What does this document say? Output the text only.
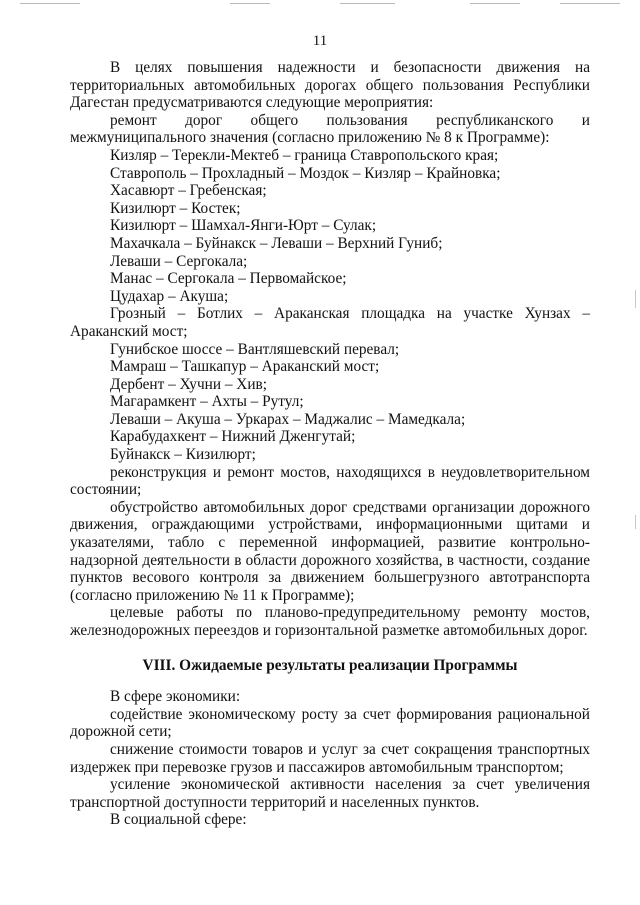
11

В целях повышения надежности и безопасности движения на территориальных автомобильных дорогах общего пользования Республики Дагестан предусматриваются следующие мероприятия:

ремонт дорог общего пользования республиканского и межмуниципального значения (согласно приложению № 8 к Программе):

Кизляр – Терекли-Мектеб – граница Ставропольского края;

Ставрополь – Прохладный – Моздок – Кизляр – Крайновка;

Хасавюрт – Гребенская;

Кизилюрт – Костек;

Кизилюрт – Шамхал-Янги-Юрт – Сулак;

Махачкала – Буйнакск – Леваши – Верхний Гуниб;

Леваши – Сергокала;

Манас – Сергокала – Первомайское;

Цудахар – Акуша;

Грозный – Ботлих – Араканская площадка на участке Хунзах – Араканский мост;

Гунибское шоссе – Вантляшевский перевал;

Мамраш – Ташкапур – Араканский мост;

Дербент – Хучни – Хив;

Магарамкент – Ахты – Рутул;

Леваши – Акуша – Уркарах – Маджалис – Мамедкала;

Карабудахкент – Нижний Дженгутай;

Буйнакск – Кизилюрт;

реконструкция и ремонт мостов, находящихся в неудовлетворительном состоянии;

обустройство автомобильных дорог средствами организации дорожного движения, ограждающими устройствами, информационными щитами и указателями, табло с переменной информацией, развитие контрольно-надзорной деятельности в области дорожного хозяйства, в частности, создание пунктов весового контроля за движением большегрузного автотранспорта (согласно приложению № 11 к Программе);

целевые работы по планово-предупредительному ремонту мостов, железнодорожных переездов и горизонтальной разметке автомобильных дорог.

VIII. Ожидаемые результаты реализации Программы

В сфере экономики:

содействие экономическому росту за счет формирования рациональной дорожной сети;

снижение стоимости товаров и услуг за счет сокращения транспортных издержек при перевозке грузов и пассажиров автомобильным транспортом;

усиление экономической активности населения за счет увеличения транспортной доступности территорий и населенных пунктов.

В социальной сфере:
